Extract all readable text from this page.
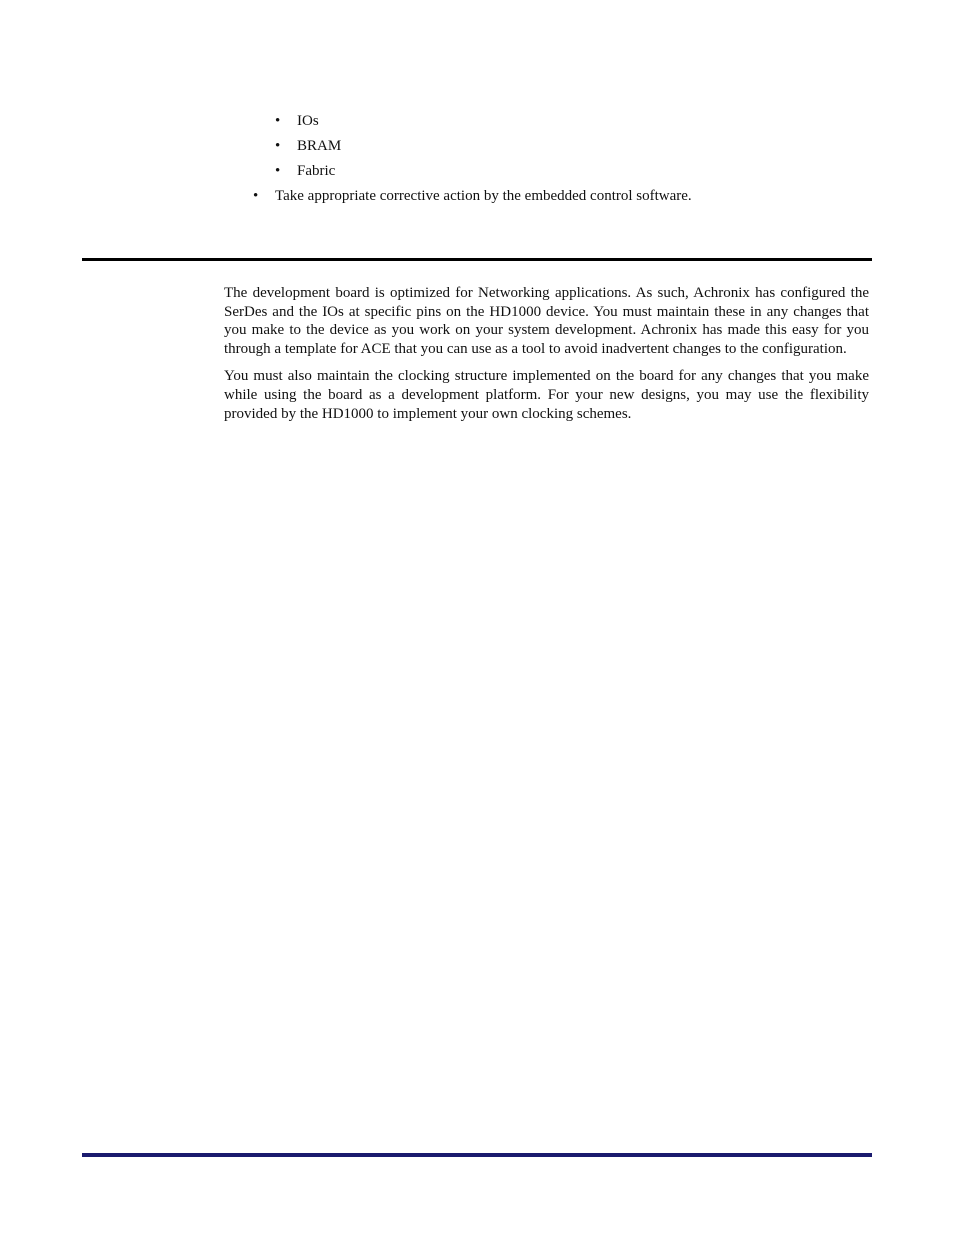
• IOs
• BRAM
• Fabric
• Take appropriate corrective action by the embedded control software.

The development board is optimized for Networking applications. As such, Achronix has configured the SerDes and the IOs at specific pins on the HD1000 device. You must maintain these in any changes that you make to the device as you work on your system development. Achronix has made this easy for you through a template for ACE that you can use as a tool to avoid inadvertent changes to the configuration.

You must also maintain the clocking structure implemented on the board for any changes that you make while using the board as a development platform. For your new designs, you may use the flexibility provided by the HD1000 to implement your own clocking schemes.
